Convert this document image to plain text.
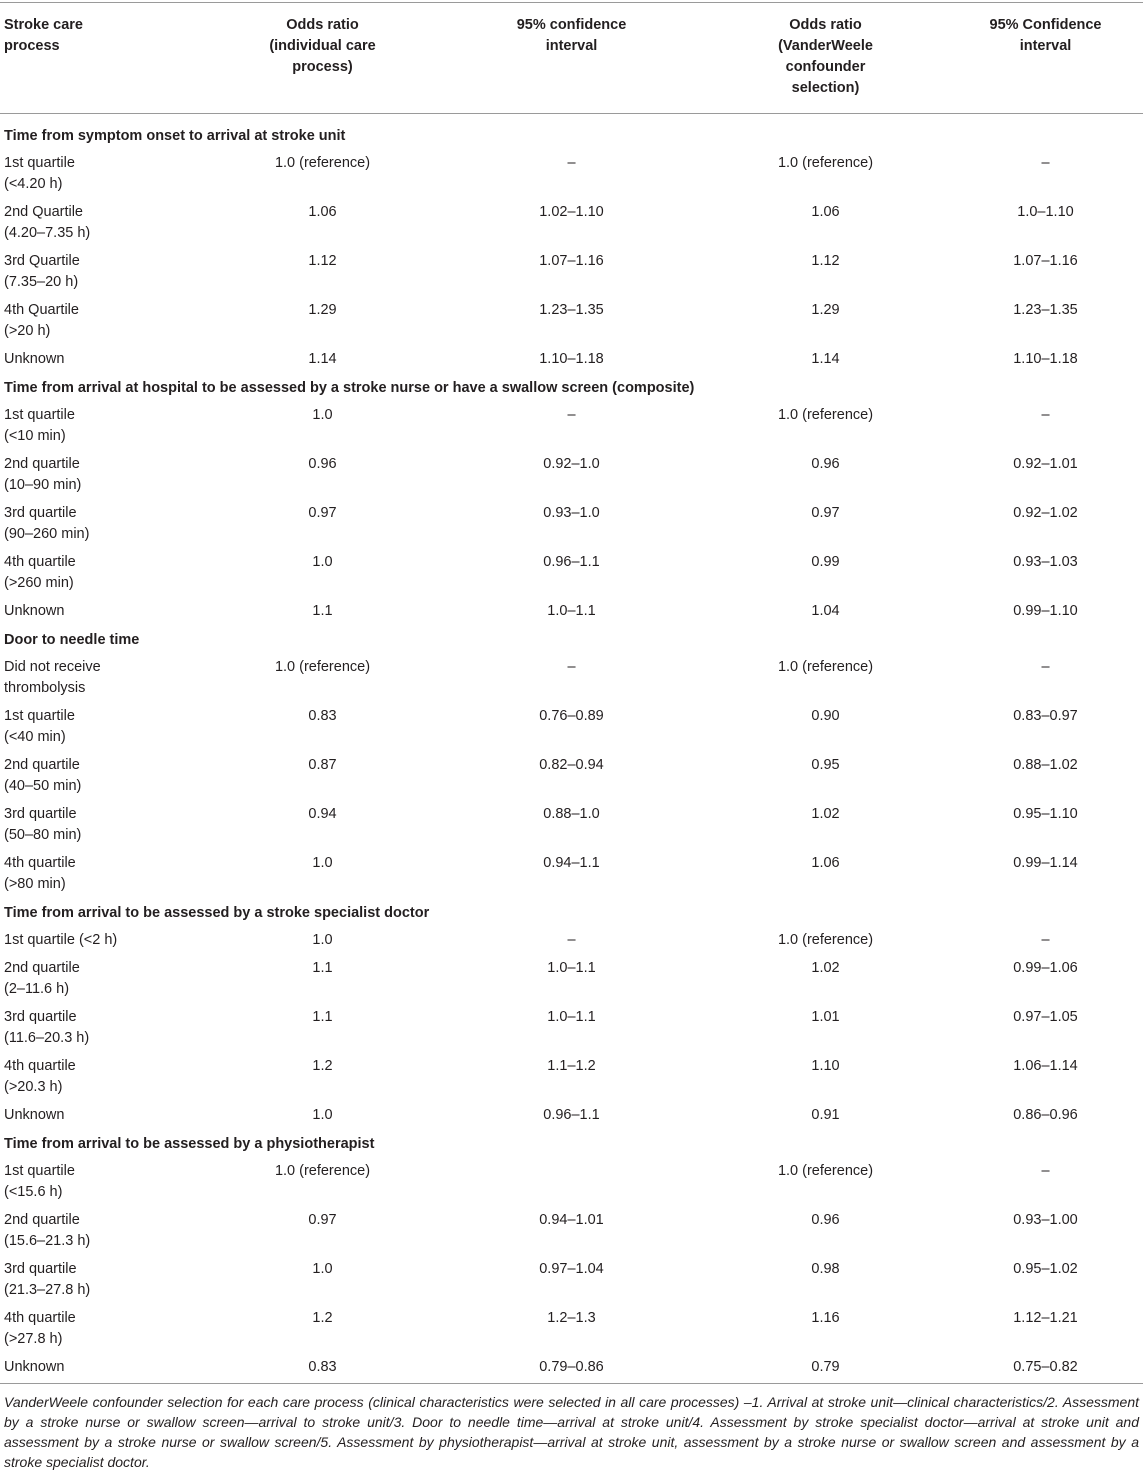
Stroke care
process	Odds ratio
(individual care
process)	95% confidence
interval	Odds ratio
(VanderWeele
confounder
selection)	95% Confidence
interval
Time from symptom onset to arrival at stroke unit				
1st quartile
(<4.20 h)	1.0 (reference)	–	1.0 (reference)	–
2nd Quartile
(4.20–7.35 h)	1.06	1.02–1.10	1.06	1.0–1.10
3rd Quartile
(7.35–20 h)	1.12	1.07–1.16	1.12	1.07–1.16
4th Quartile
(>20 h)	1.29	1.23–1.35	1.29	1.23–1.35
Unknown	1.14	1.10–1.18	1.14	1.10–1.18
Time from arrival at hospital to be assessed by a stroke nurse or have a swallow screen (composite)				
1st quartile
(<10 min)	1.0	–	1.0 (reference)	–
2nd quartile
(10–90 min)	0.96	0.92–1.0	0.96	0.92–1.01
3rd quartile
(90–260 min)	0.97	0.93–1.0	0.97	0.92–1.02
4th quartile
(>260 min)	1.0	0.96–1.1	0.99	0.93–1.03
Unknown	1.1	1.0–1.1	1.04	0.99–1.10
Door to needle time				
Did not receive
thrombolysis	1.0 (reference)	–	1.0 (reference)	–
1st quartile
(<40 min)	0.83	0.76–0.89	0.90	0.83–0.97
2nd quartile
(40–50 min)	0.87	0.82–0.94	0.95	0.88–1.02
3rd quartile
(50–80 min)	0.94	0.88–1.0	1.02	0.95–1.10
4th quartile
(>80 min)	1.0	0.94–1.1	1.06	0.99–1.14
Time from arrival to be assessed by a stroke specialist doctor				
1st quartile (<2 h)	1.0	–	1.0 (reference)	–
2nd quartile
(2–11.6 h)	1.1	1.0–1.1	1.02	0.99–1.06
3rd quartile
(11.6–20.3 h)	1.1	1.0–1.1	1.01	0.97–1.05
4th quartile
(>20.3 h)	1.2	1.1–1.2	1.10	1.06–1.14
Unknown	1.0	0.96–1.1	0.91	0.86–0.96
Time from arrival to be assessed by a physiotherapist				
1st quartile
(<15.6 h)	1.0 (reference)		1.0 (reference)	–
2nd quartile
(15.6–21.3 h)	0.97	0.94–1.01	0.96	0.93–1.00
3rd quartile
(21.3–27.8 h)	1.0	0.97–1.04	0.98	0.95–1.02
4th quartile
(>27.8 h)	1.2	1.2–1.3	1.16	1.12–1.21
Unknown	0.83	0.79–0.86	0.79	0.75–0.82
VanderWeele confounder selection for each care process (clinical characteristics were selected in all care processes) –1. Arrival at stroke unit—clinical characteristics/2. Assessment by a stroke nurse or swallow screen—arrival to stroke unit/3. Door to needle time—arrival at stroke unit/4. Assessment by stroke specialist doctor—arrival at stroke unit and assessment by a stroke nurse or swallow screen/5. Assessment by physiotherapist—arrival at stroke unit, assessment by a stroke nurse or swallow screen and assessment by a stroke specialist doctor.
